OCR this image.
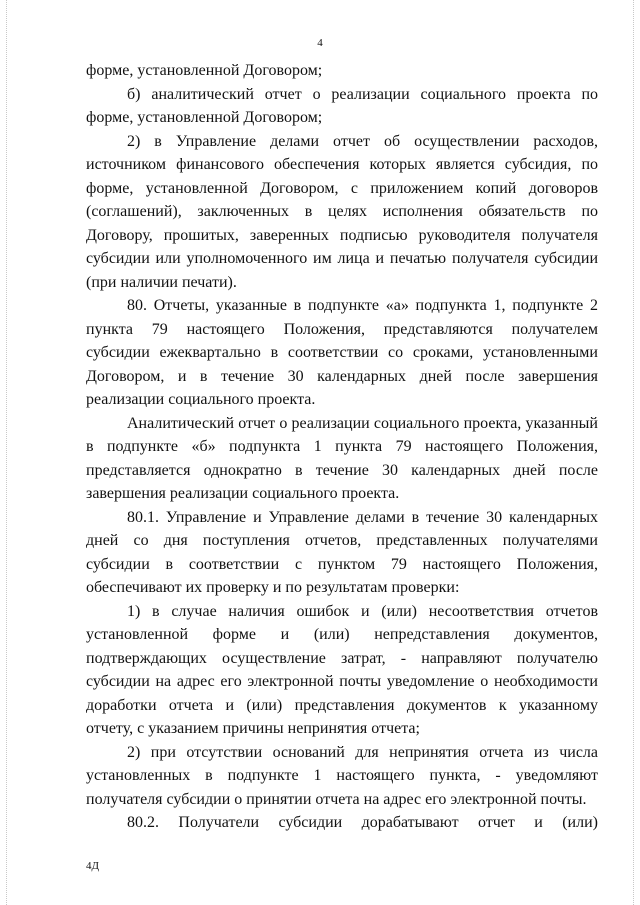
4
форме, установленной Договором;
б) аналитический отчет о реализации социального проекта по
форме, установленной Договором;
2) в Управление делами отчет об осуществлении расходов,
источником финансового обеспечения которых является субсидия, по
форме, установленной Договором, с приложением копий договоров
(соглашений), заключенных в целях исполнения обязательств по
Договору, прошитых, заверенных подписью руководителя получателя
субсидии или уполномоченного им лица и печатью получателя субсидии
(при наличии печати).
80. Отчеты, указанные в подпункте «а» подпункта 1, подпункте 2
пункта 79 настоящего Положения, представляются получателем
субсидии ежеквартально в соответствии со сроками, установленными
Договором, и в течение 30 календарных дней после завершения
реализации социального проекта.
Аналитический отчет о реализации социального проекта, указанный
в подпункте «б» подпункта 1 пункта 79 настоящего Положения,
представляется однократно в течение 30 календарных дней после
завершения реализации социального проекта.
80.1. Управление и Управление делами в течение 30 календарных
дней со дня поступления отчетов, представленных получателями
субсидии в соответствии с пунктом 79 настоящего Положения,
обеспечивают их проверку и по результатам проверки:
1) в случае наличия ошибок и (или) несоответствия отчетов
установленной форме и (или) непредставления документов,
подтверждающих осуществление затрат, - направляют получателю
субсидии на адрес его электронной почты уведомление о необходимости
доработки отчета и (или) представления документов к указанному
отчету, с указанием причины непринятия отчета;
2) при отсутствии оснований для непринятия отчета из числа
установленных в подпункте 1 настоящего пункта, - уведомляют
получателя субсидии о принятии отчета на адрес его электронной почты.
80.2. Получатели субсидии дорабатывают отчет и (или)
4Д
